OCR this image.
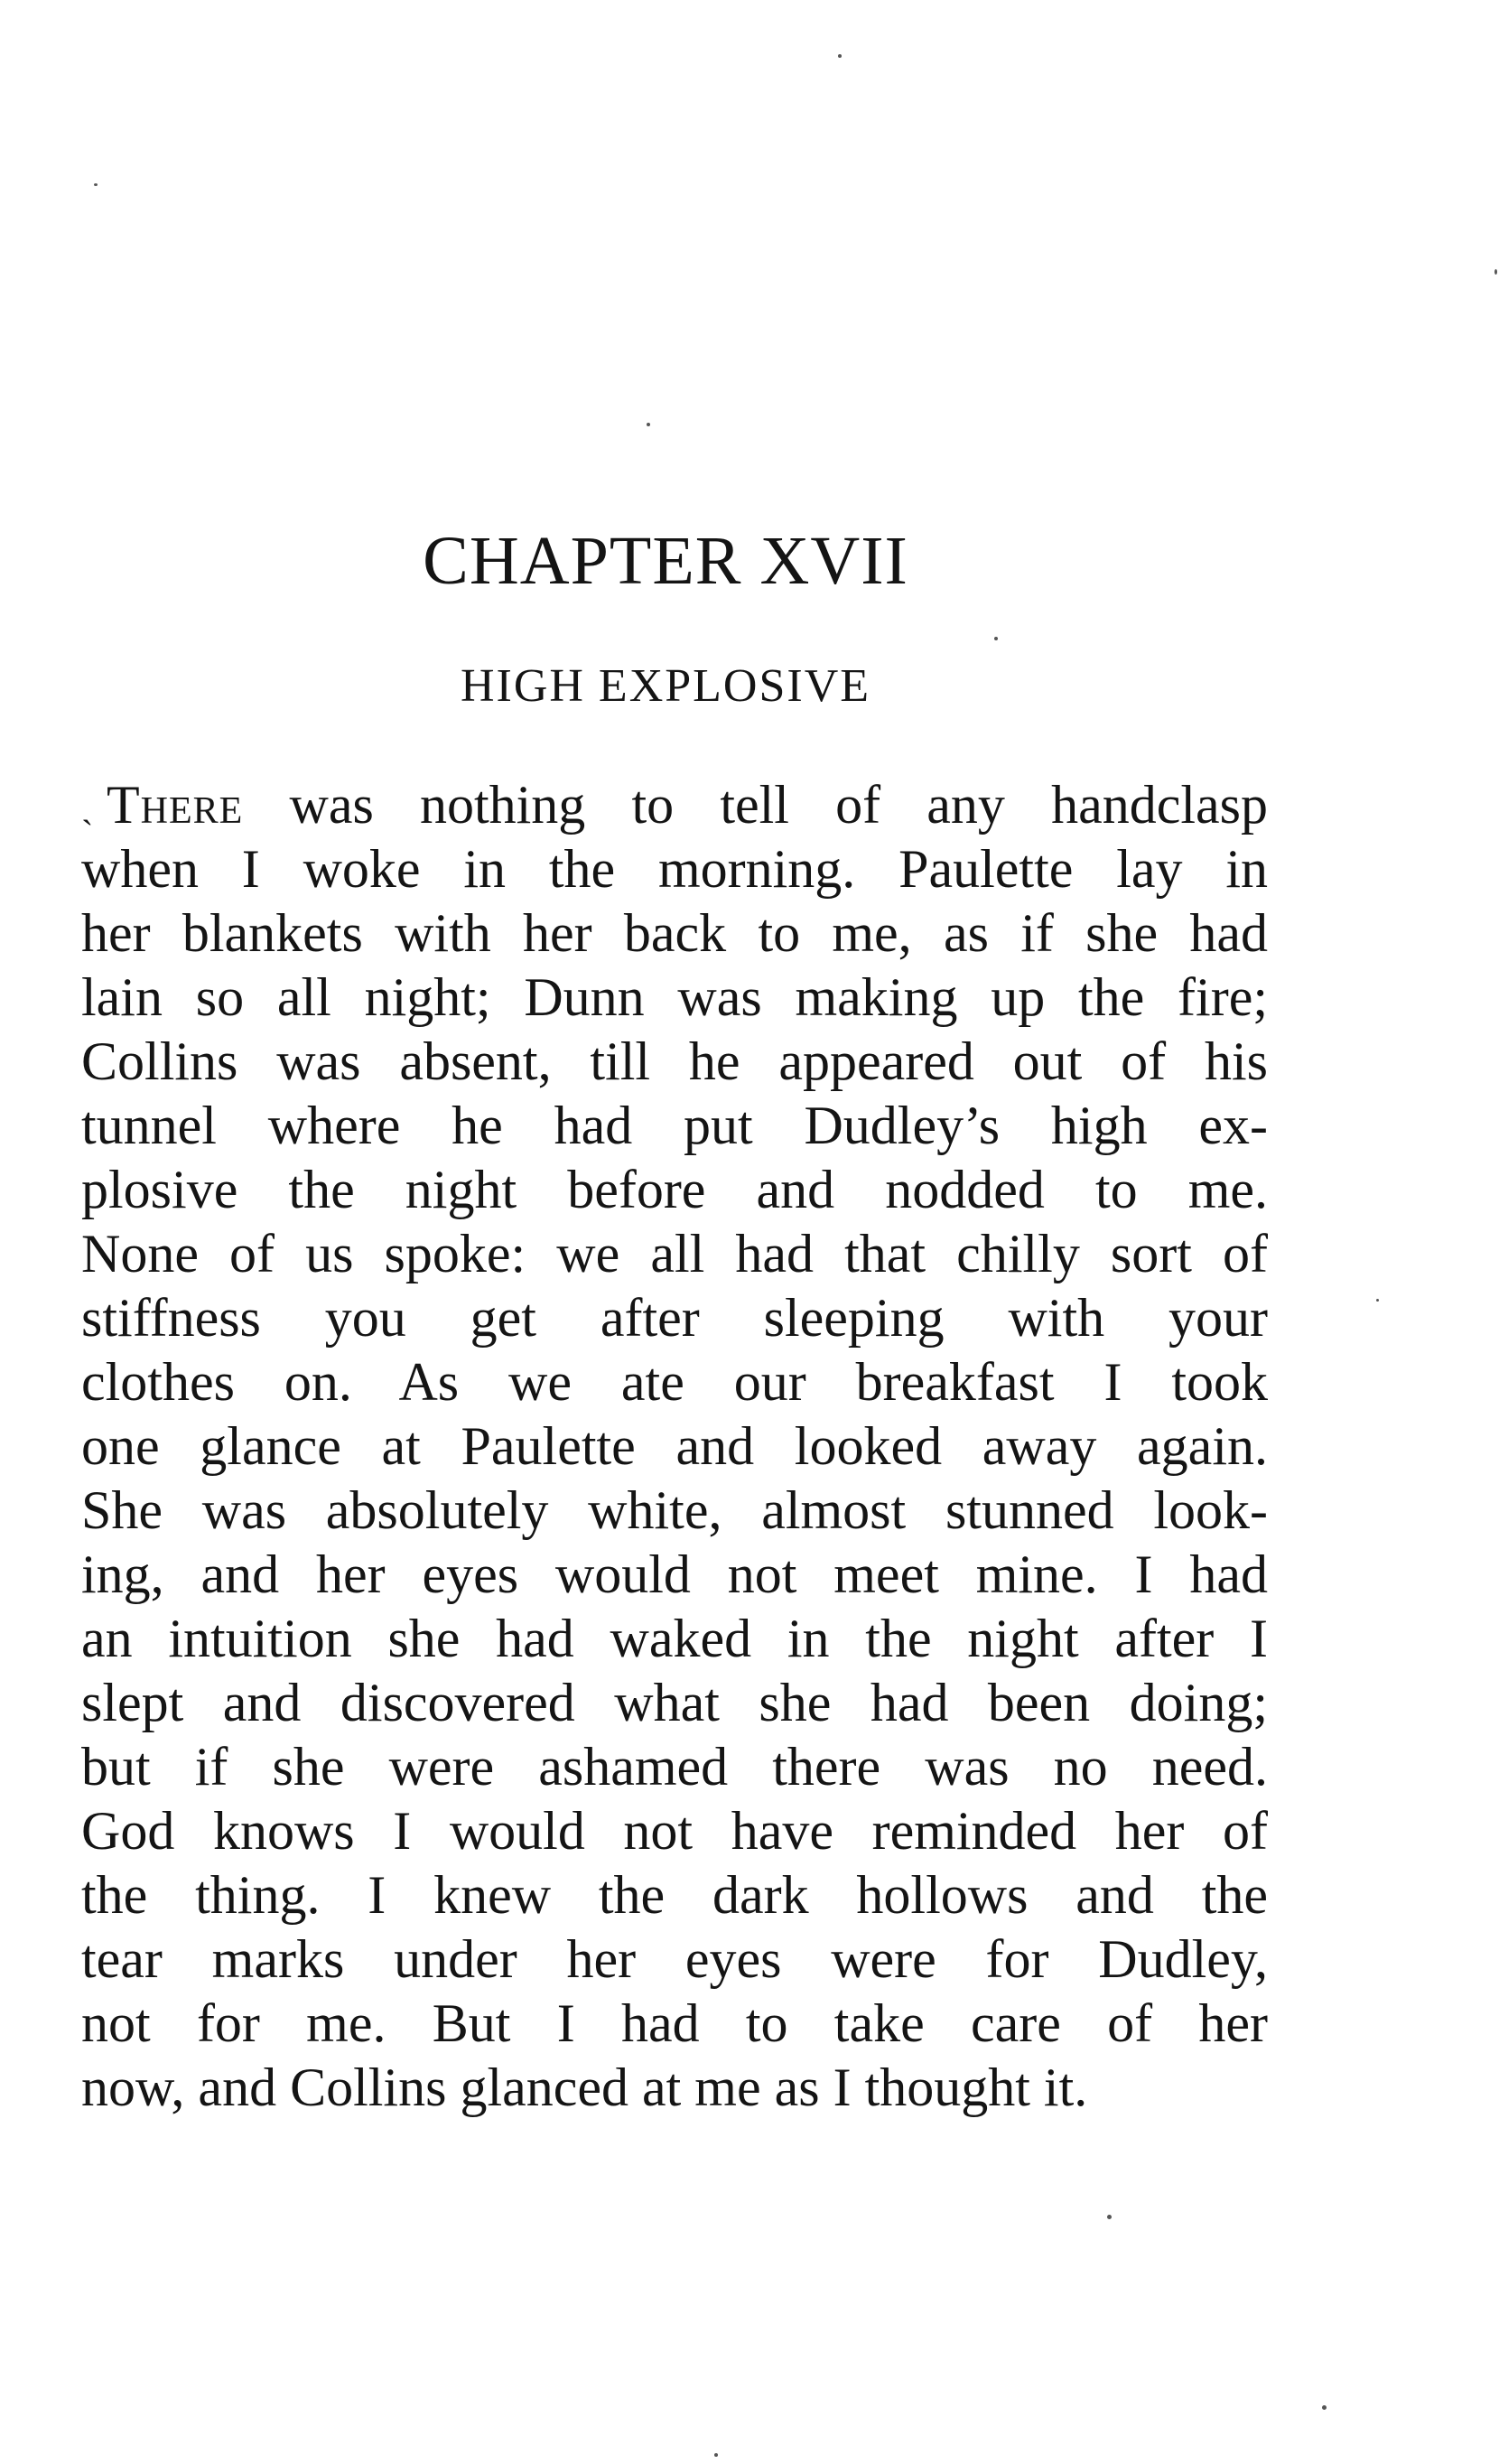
CHAPTER XVII
HIGH EXPLOSIVE
ˎ There was nothing to tell of any handclasp
when I woke in the morning. Paulette lay in
her blankets with her back to me, as if she had
lain so all night; Dunn was making up the fire;
Collins was absent, till he appeared out of his
tunnel where he had put Dudley’s high ex-
plosive the night before and nodded to me.
None of us spoke: we all had that chilly sort of
stiffness you get after sleeping with your
clothes on. As we ate our breakfast I took
one glance at Paulette and looked away again.
She was absolutely white, almost stunned look-
ing, and her eyes would not meet mine. I had
an intuition she had waked in the night after I
slept and discovered what she had been doing;
but if she were ashamed there was no need.
God knows I would not have reminded her of
the thing. I knew the dark hollows and the
tear marks under her eyes were for Dudley,
not for me. But I had to take care of her
now, and Collins glanced at me as I thought it.
